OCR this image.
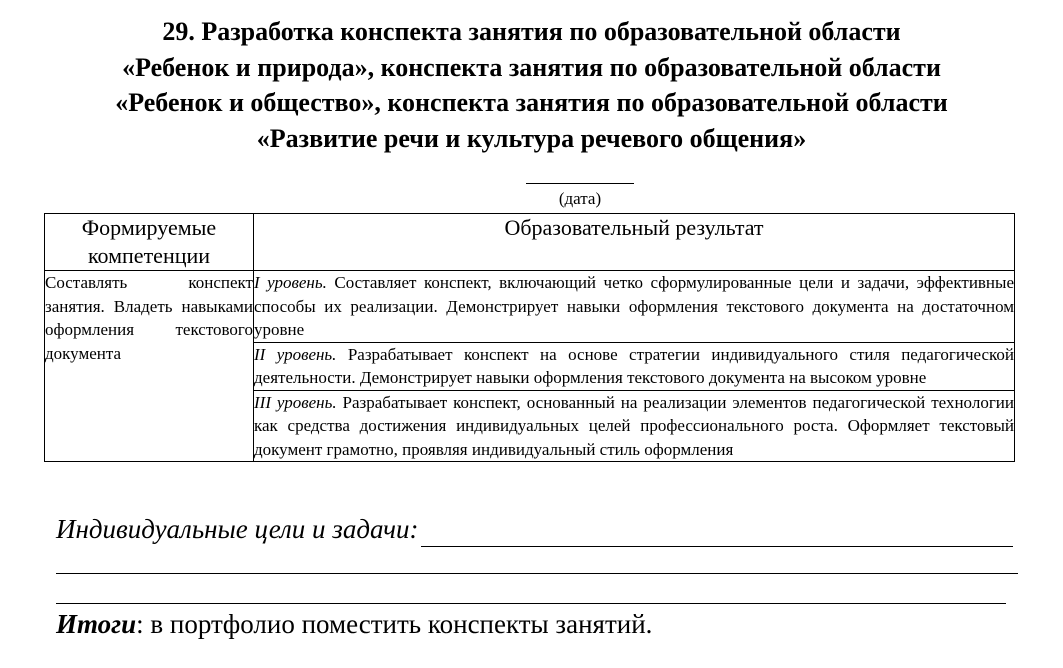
29. Разработка конспекта занятия по образовательной области
«Ребенок и природа», конспекта занятия по образовательной области
«Ребенок и общество», конспекта занятия по образовательной области
«Развитие речи и культура речевого общения»
(дата)
Формируемые компетенции	Образовательный результат
Составлять конспект занятия. Владеть навыками оформления текстового документа	I уровень. Составляет конспект, включающий четко сформулированные цели и задачи, эффективные способы их реализации. Демонстрирует навыки оформления текстового документа на достаточном уровне
	II уровень. Разрабатывает конспект на основе стратегии индивидуального стиля педагогической деятельности. Демонстрирует навыки оформления текстового документа на высоком уровне
	III уровень. Разрабатывает конспект, основанный на реализации элементов педагогической технологии как средства достижения индивидуальных целей профессионального роста. Оформляет текстовый документ грамотно, проявляя индивидуальный стиль оформления
Индивидуальные цели и задачи :
Итоги: в портфолио поместить конспекты занятий.
